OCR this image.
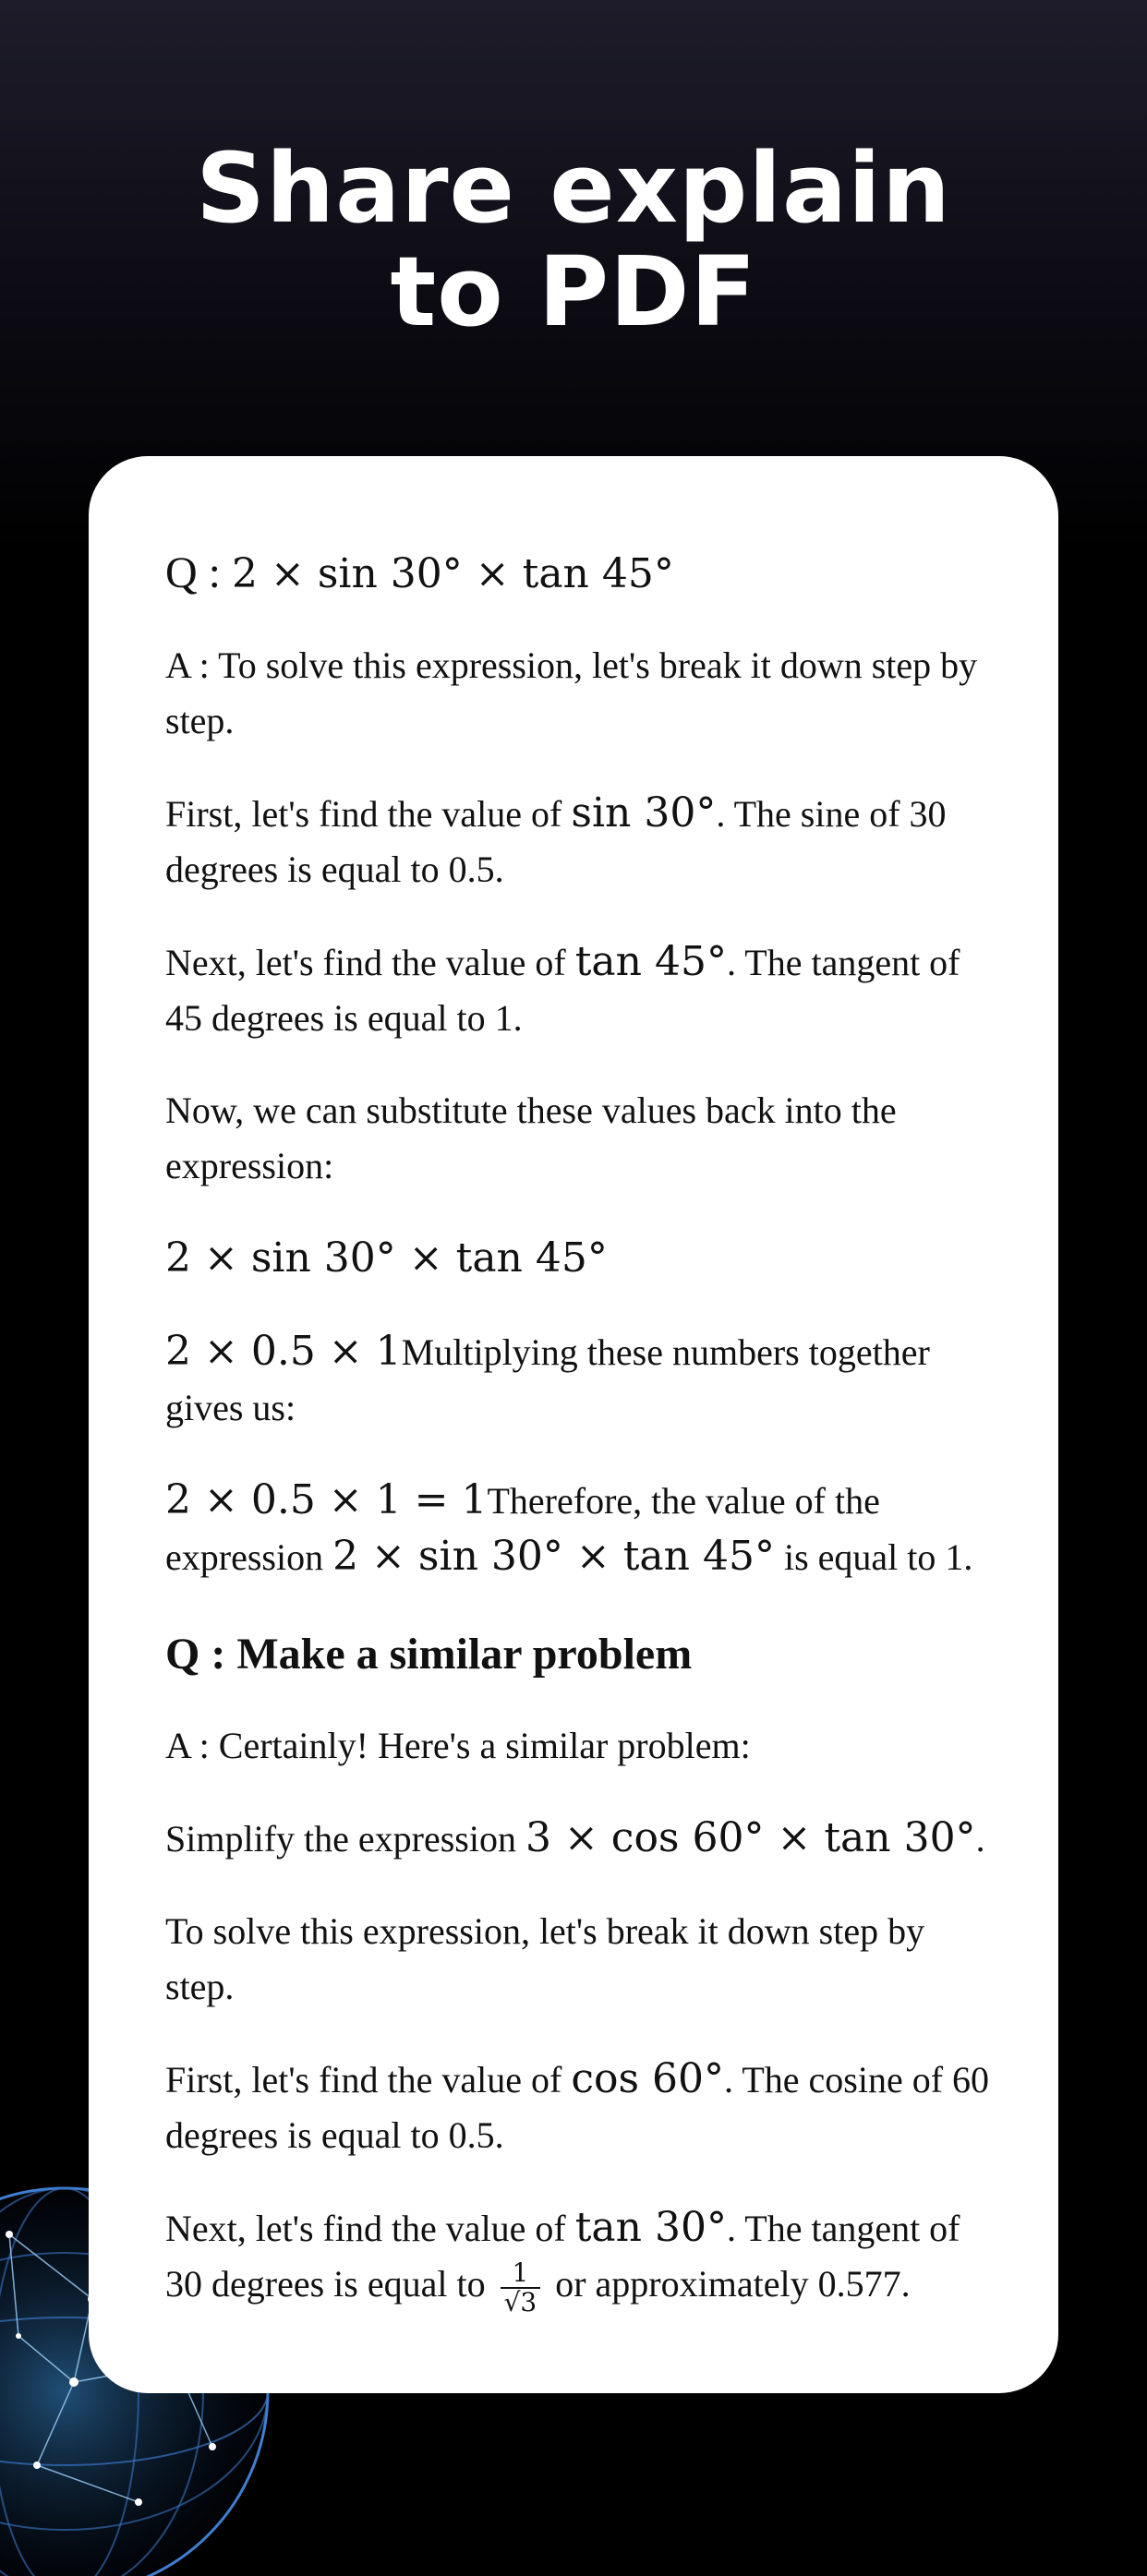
Share explain
to PDF

Q : 2 × sin 30° × tan 45°

A : To solve this expression, let's break it down step by step.

First, let's find the value of sin 30°. The sine of 30 degrees is equal to 0.5.

Next, let's find the value of tan 45°. The tangent of 45 degrees is equal to 1.

Now, we can substitute these values back into the expression:

2 × sin 30° × tan 45°

2 × 0.5 × 1Multiplying these numbers together gives us:

2 × 0.5 × 1 = 1Therefore, the value of the expression 2 × sin 30° × tan 45° is equal to 1.

Q : Make a similar problem

A : Certainly! Here's a similar problem:

Simplify the expression 3 × cos 60° × tan 30°.

To solve this expression, let's break it down step by step.

First, let's find the value of cos 60°. The cosine of 60 degrees is equal to 0.5.

Next, let's find the value of tan 30°. The tangent of 30 degrees is equal to $\frac{1}{√3}$ or approximately 0.577.
